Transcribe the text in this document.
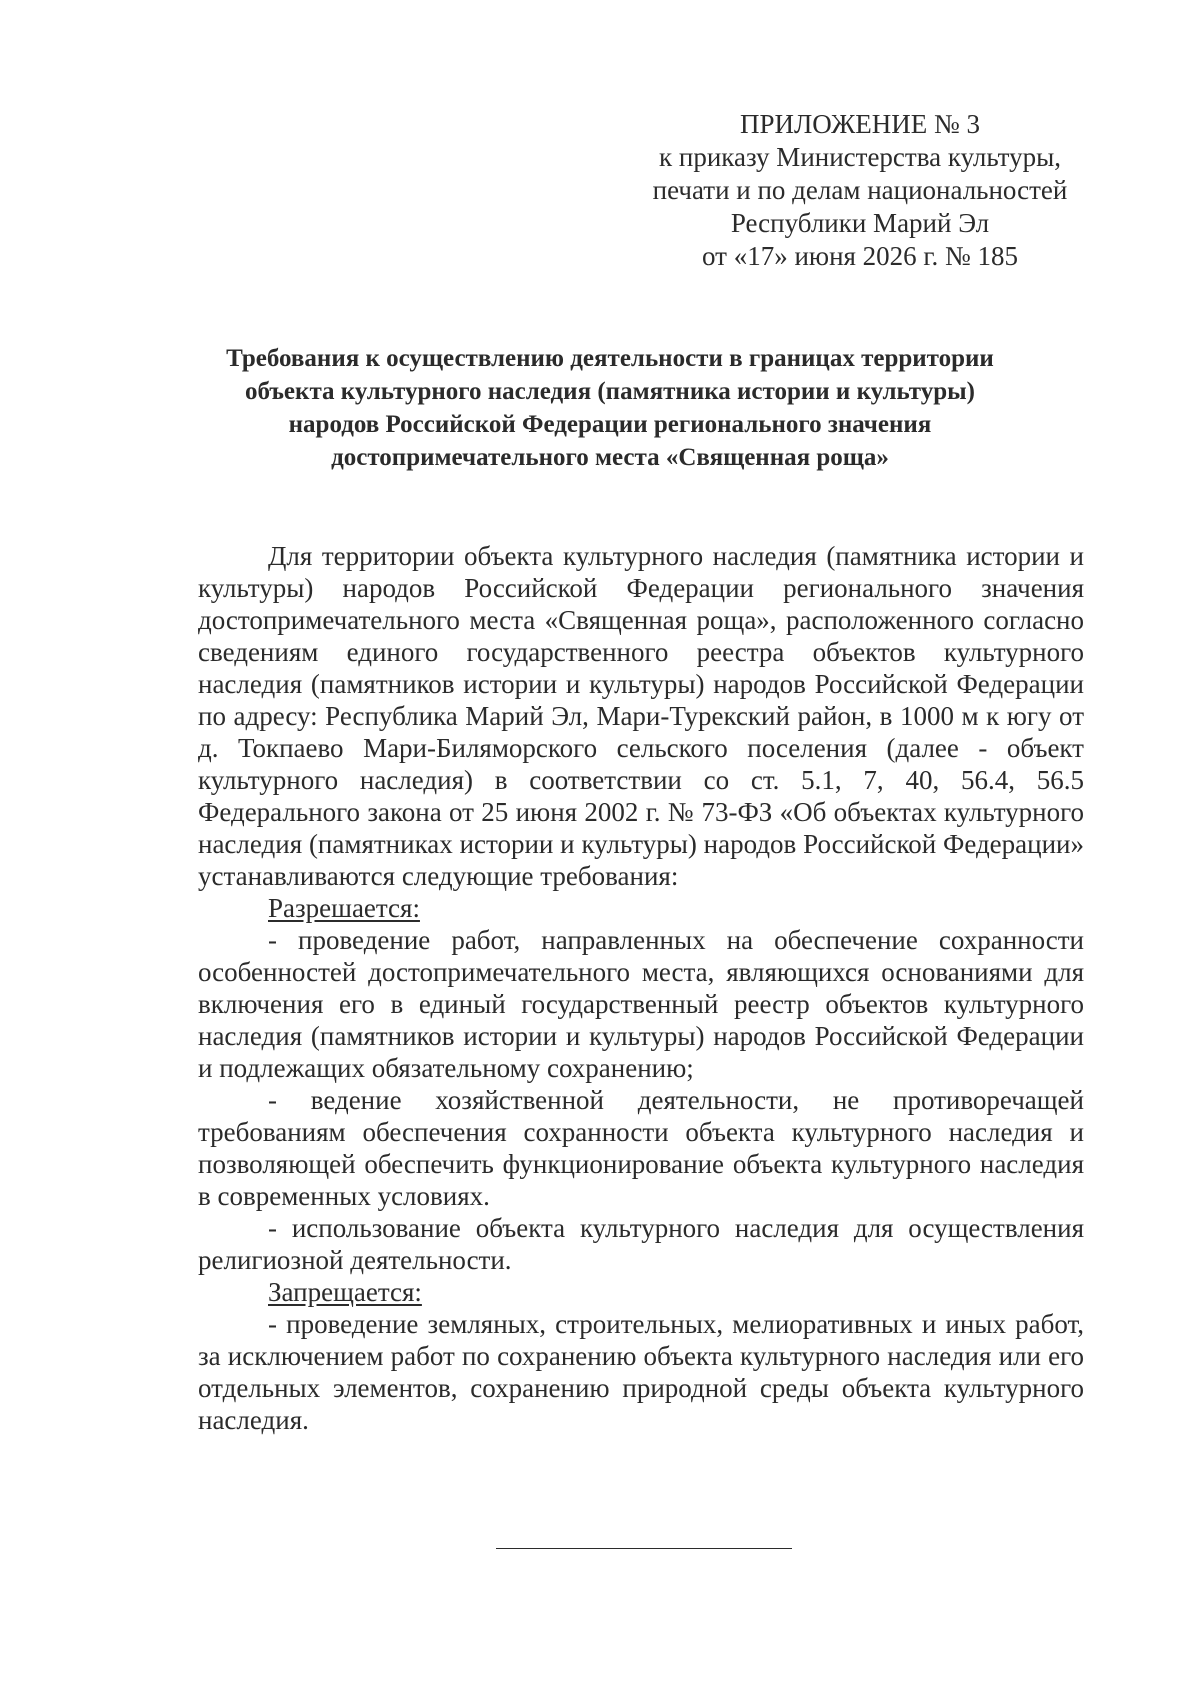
ПРИЛОЖЕНИЕ № 3
к приказу Министерства культуры,
печати и по делам национальностей
Республики Марий Эл
от «17» июня 2026 г. № 185
Требования к осуществлению деятельности в границах территории
объекта культурного наследия (памятника истории и культуры)
народов Российской Федерации регионального значения
достопримечательного места «Священная роща»

Для территории объекта культурного наследия (памятника истории и культуры) народов Российской Федерации регионального значения достопримечательного места «Священная роща», расположенного согласно сведениям единого государственного реестра объектов культурного наследия (памятников истории и культуры) народов Российской Федерации по адресу: Республика Марий Эл, Мари-Турекский район, в 1000 м к югу от д. Токпаево Мари-Биляморского сельского поселения (далее - объект культурного наследия) в соответствии со ст. 5.1, 7, 40, 56.4, 56.5 Федерального закона от 25 июня 2002 г. № 73-ФЗ «Об объектах культурного наследия (памятниках истории и культуры) народов Российской Федерации» устанавливаются следующие требования:

Разрешается:

- проведение работ, направленных на обеспечение сохранности особенностей достопримечательного места, являющихся основаниями для включения его в единый государственный реестр объектов культурного наследия (памятников истории и культуры) народов Российской Федерации и подлежащих обязательному сохранению;

- ведение хозяйственной деятельности, не противоречащей требованиям обеспечения сохранности объекта культурного наследия и позволяющей обеспечить функционирование объекта культурного наследия в современных условиях.

- использование объекта культурного наследия для осуществления религиозной деятельности.

Запрещается:

- проведение земляных, строительных, мелиоративных и иных работ, за исключением работ по сохранению объекта культурного наследия или его отдельных элементов, сохранению природной среды объекта культурного наследия.
